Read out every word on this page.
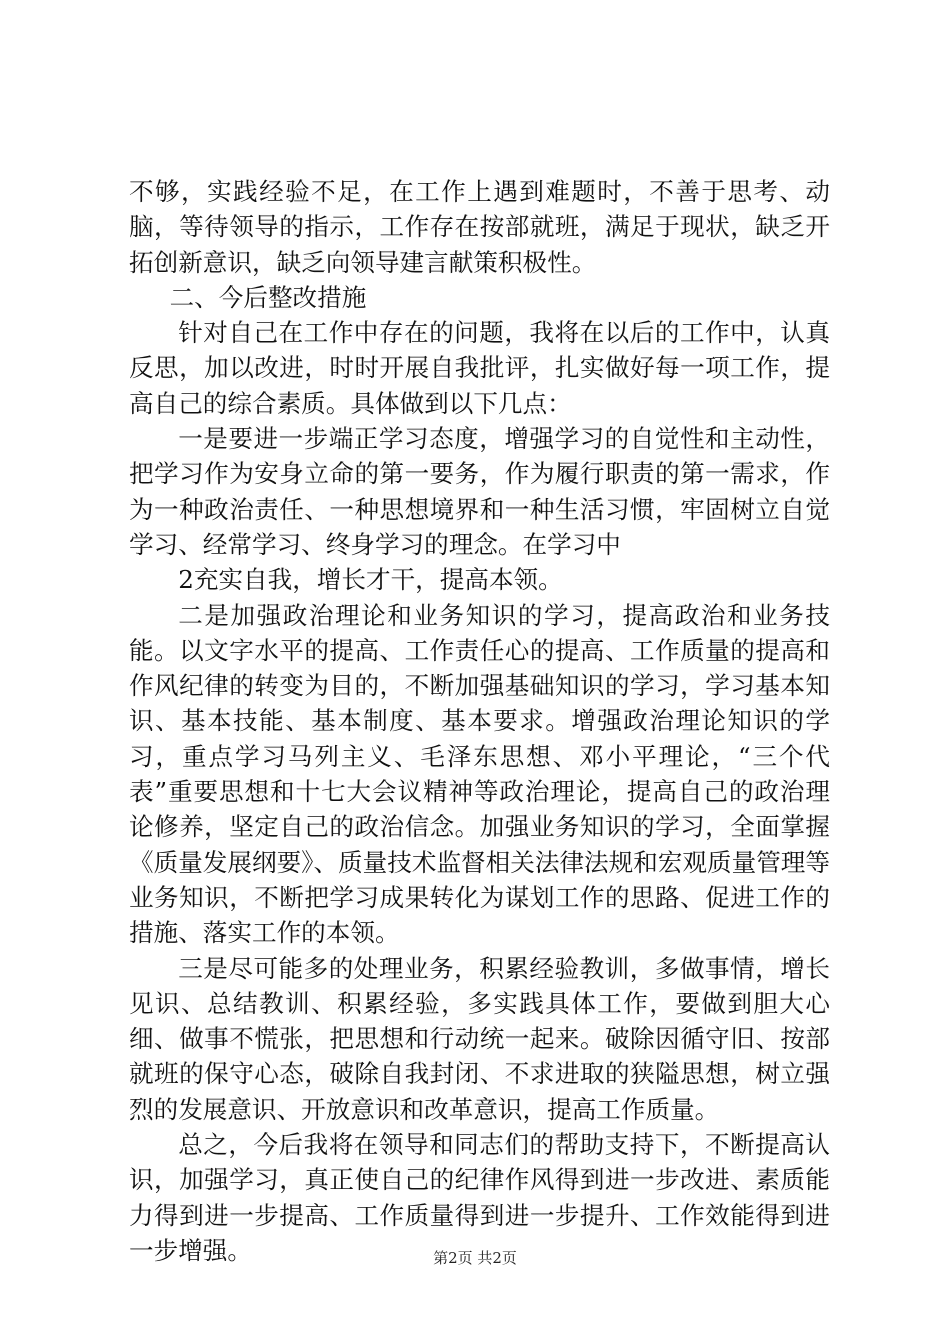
不够，实践经验不足，在工作上遇到难题时，不善于思考、动脑，等待领导的指示，工作存在按部就班，满足于现状，缺乏开拓创新意识，缺乏向领导建言献策积极性。

二、今后整改措施

针对自己在工作中存在的问题，我将在以后的工作中，认真反思，加以改进，时时开展自我批评，扎实做好每一项工作，提高自己的综合素质。具体做到以下几点：

一是要进一步端正学习态度，增强学习的自觉性和主动性，把学习作为安身立命的第一要务，作为履行职责的第一需求，作为一种政治责任、一种思想境界和一种生活习惯，牢固树立自觉学习、经常学习、终身学习的理念。在学习中

2充实自我，增长才干，提高本领。

二是加强政治理论和业务知识的学习，提高政治和业务技能。以文字水平的提高、工作责任心的提高、工作质量的提高和作风纪律的转变为目的，不断加强基础知识的学习，学习基本知识、基本技能、基本制度、基本要求。增强政治理论知识的学习，重点学习马列主义、毛泽东思想、邓小平理论，“三个代表”重要思想和十七大会议精神等政治理论，提高自己的政治理论修养，坚定自己的政治信念。加强业务知识的学习，全面掌握《质量发展纲要》、质量技术监督相关法律法规和宏观质量管理等业务知识，不断把学习成果转化为谋划工作的思路、促进工作的措施、落实工作的本领。

三是尽可能多的处理业务，积累经验教训，多做事情，增长见识、总结教训、积累经验，多实践具体工作，要做到胆大心细、做事不慌张，把思想和行动统一起来。破除因循守旧、按部就班的保守心态，破除自我封闭、不求进取的狭隘思想，树立强烈的发展意识、开放意识和改革意识，提高工作质量。

总之，今后我将在领导和同志们的帮助支持下，不断提高认识，加强学习，真正使自己的纪律作风得到进一步改进、素质能力得到进一步提高、工作质量得到进一步提升、工作效能得到进一步增强。	第2页 共2页
